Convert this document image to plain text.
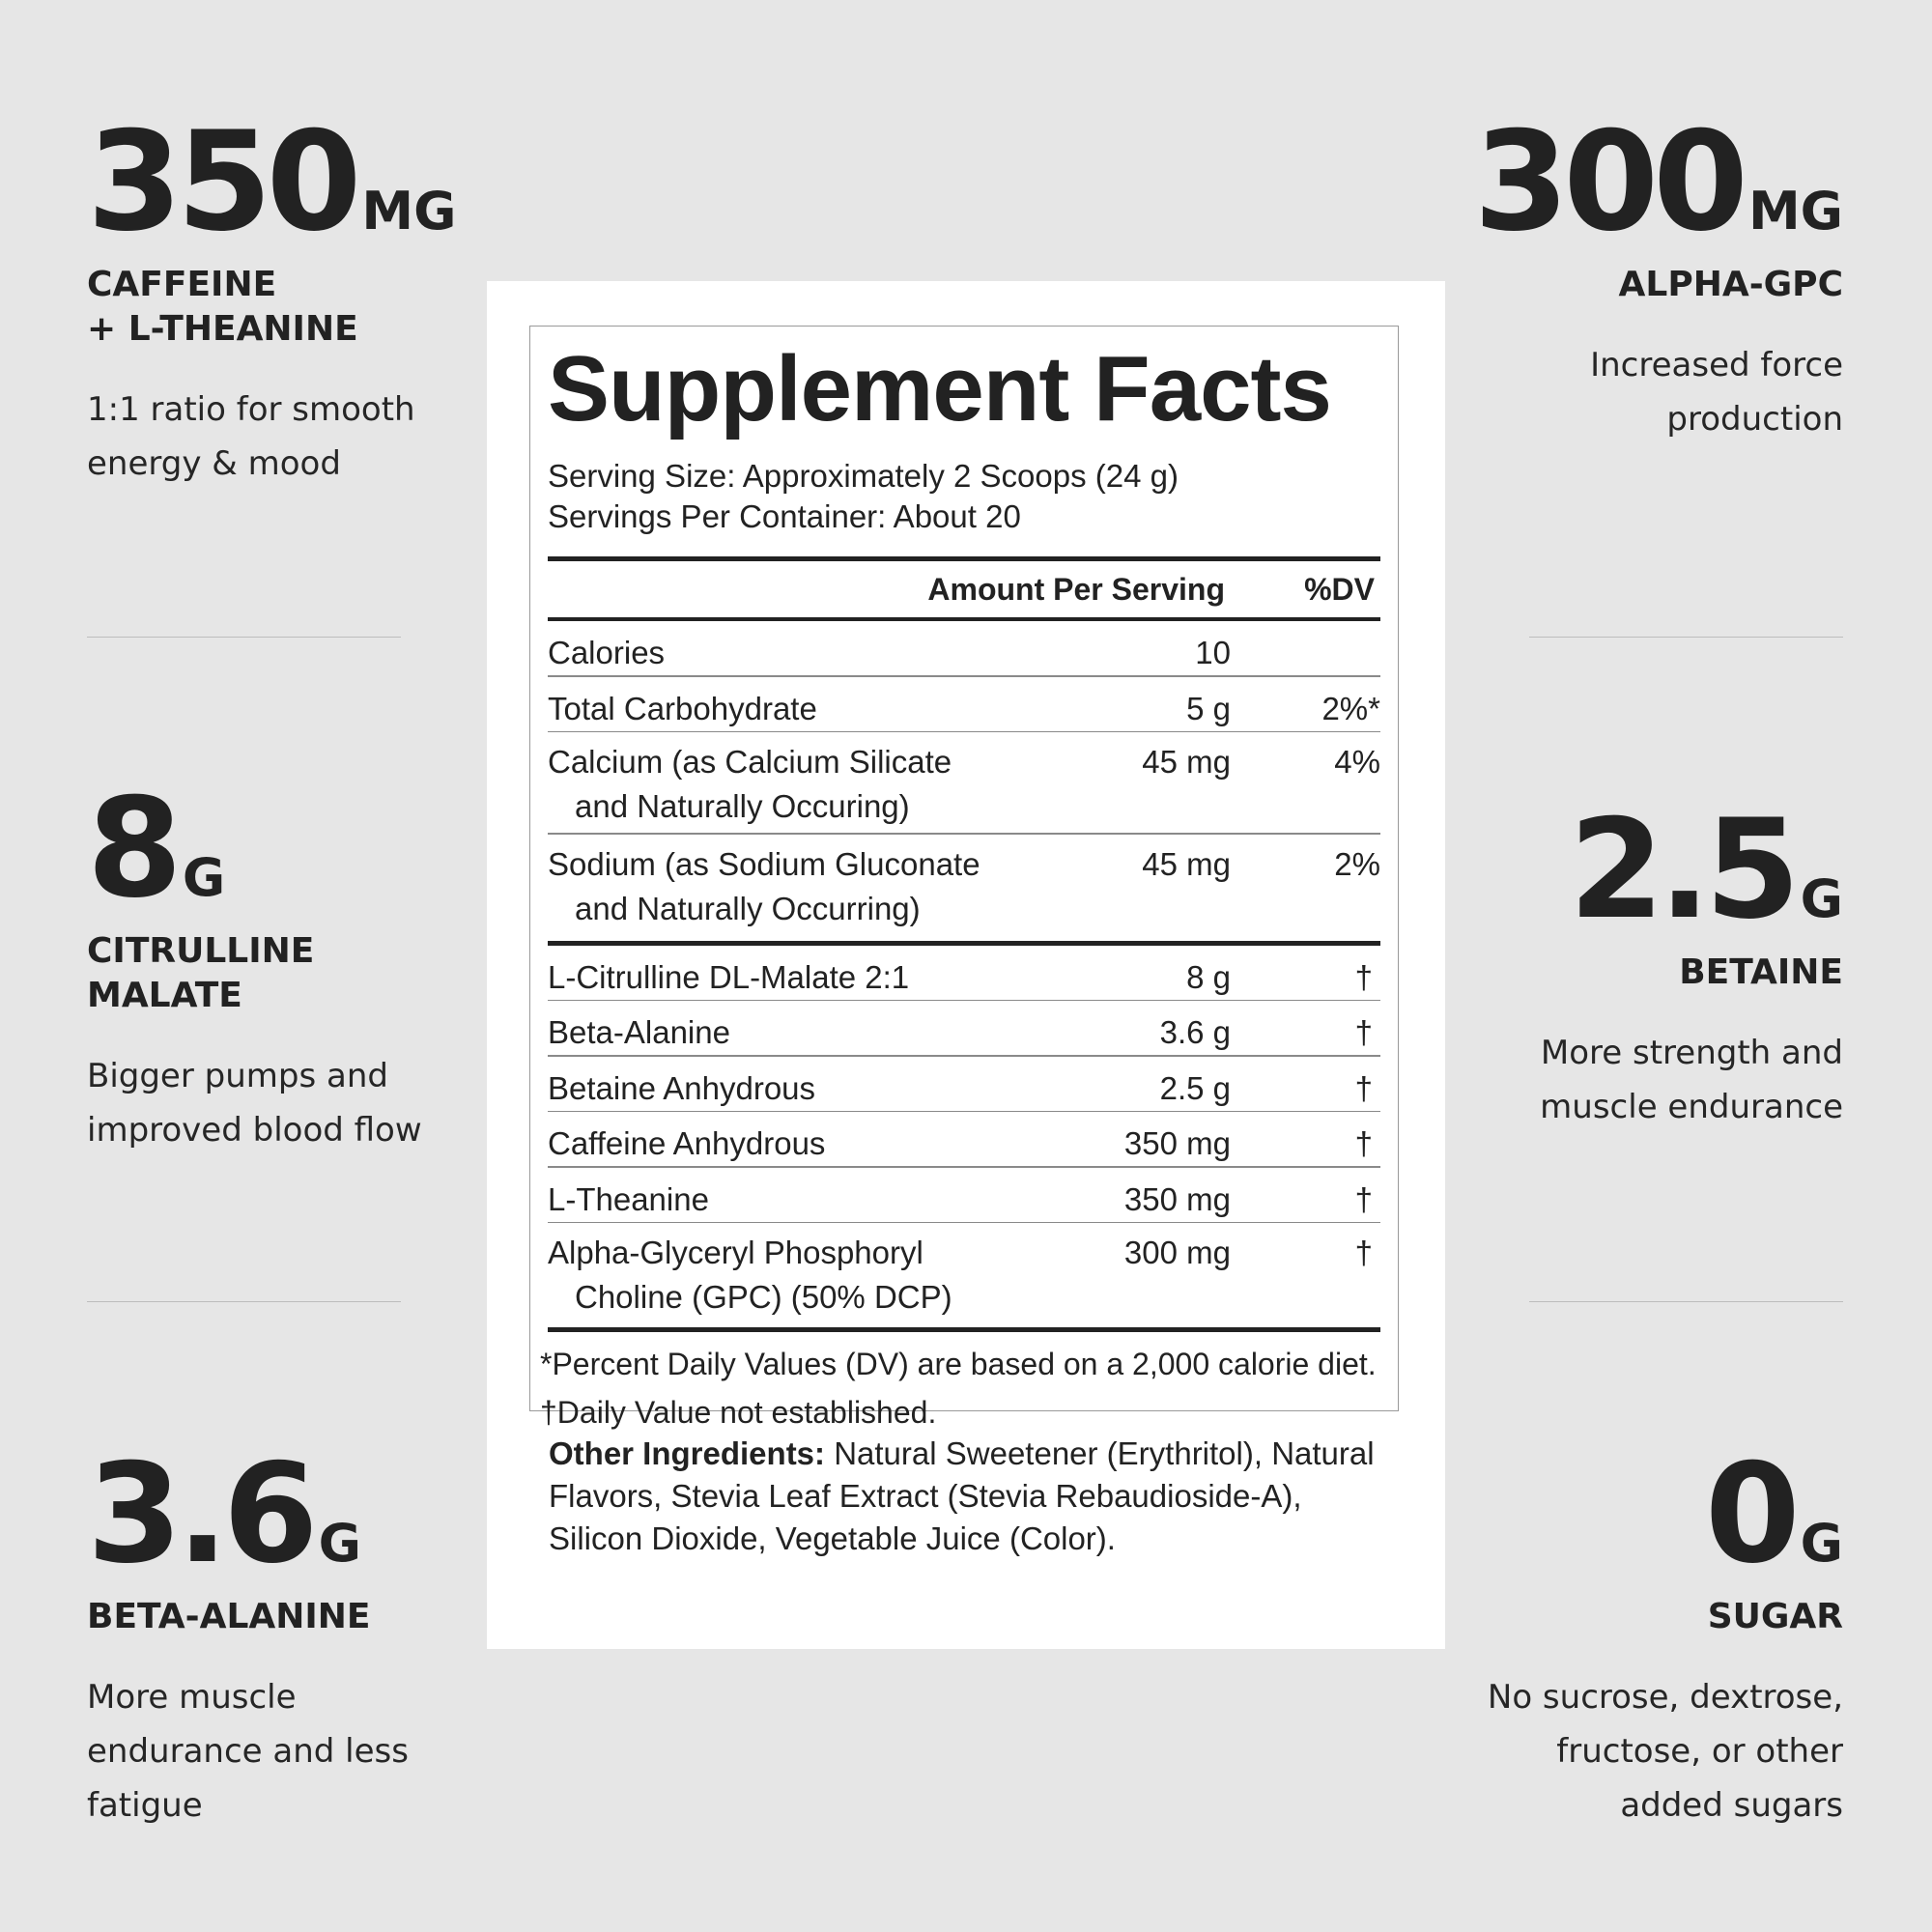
350 MG
CAFFEINE
+ L-THEANINE
1:1 ratio for smooth
energy & mood
8 G
CITRULLINE
MALATE
Bigger pumps and
improved blood flow
3.6 G
BETA-ALANINE
More muscle
endurance and less
fatigue
300 MG
ALPHA-GPC
Increased force
production
2.5 G
BETAINE
More strength and
muscle endurance
0 G
SUGAR
No sucrose, dextrose,
fructose, or other
added sugars
Supplement Facts
Serving Size: Approximately 2 Scoops (24 g)
Servings Per Container: About 20
Amount Per Serving	%DV
Calories	10
Total Carbohydrate	5 g	2%*
Calcium (as Calcium Silicate
and Naturally Occuring)
45 mg	4%
Sodium (as Sodium Gluconate
and Naturally Occurring)
45 mg	2%
L-Citrulline DL-Malate 2:1	8 g	†
Beta-Alanine	3.6 g	†
Betaine Anhydrous	2.5 g	†
Caffeine Anhydrous	350 mg	†
L-Theanine	350 mg	†
Alpha-Glyceryl Phosphoryl
Choline (GPC) (50% DCP)
300 mg	†
*Percent Daily Values (DV) are based on a 2,000 calorie diet.
†Daily Value not established.
Other Ingredients: Natural Sweetener (Erythritol), Natural Flavors, Stevia Leaf Extract (Stevia Rebaudioside-A), Silicon Dioxide, Vegetable Juice (Color).
